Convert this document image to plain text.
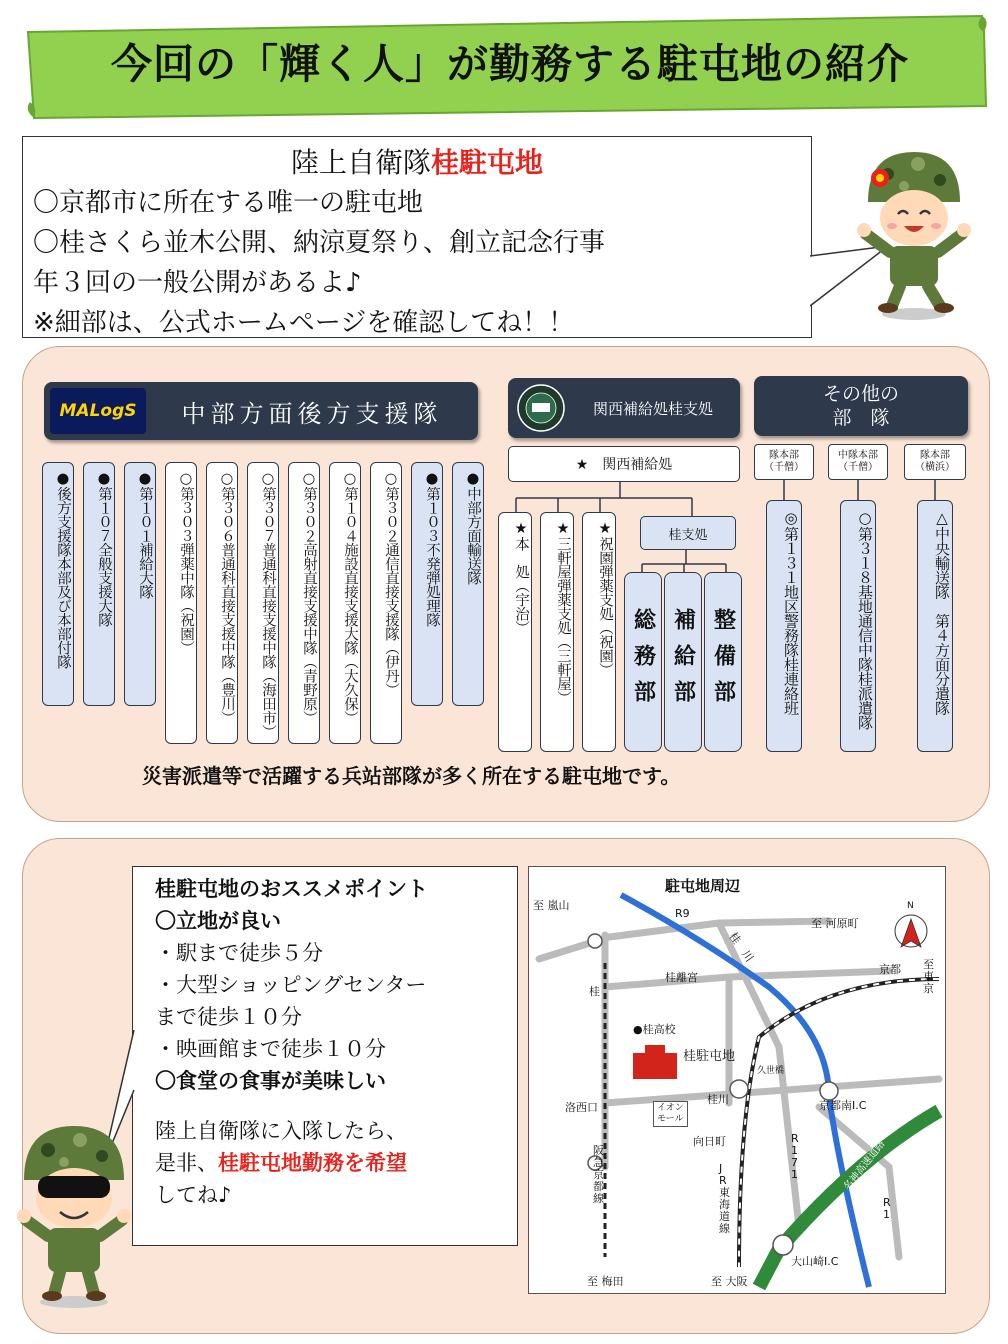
今回の「輝く人」が勤務する駐屯地の紹介
陸上自衛隊桂駐屯地
〇京都市に所在する唯一の駐屯地
〇桂さくら並木公開、納涼夏祭り、創立記念行事
年３回の一般公開があるよ♪
※細部は、公式ホームページを確認してね！！
MALogS	中部方面後方支援隊
●後方支援隊本部及び本部付隊	●第１０７全般支援大隊	●第１０１補給大隊	○第３０３弾薬中隊（祝園）	○第３０６普通科直接支援中隊（豊川）	○第３０７普通科直接支援中隊（海田市）	○第３０２高射直接支援中隊（青野原）	○第１０４施設直接支援大隊（大久保）	○第３０２通信直接支援隊（伊丹）	●第１０３不発弾処理隊	●中部方面輸送隊
関西補給処桂支処
★　関西補給処
★本　処（宇治）	★三軒屋弾薬支処（三軒屋）	★祝園弾薬支処（祝園）	桂支処
総務部 補給部 整備部
その他の
部　隊
隊本部
（千僧）
中隊本部
（千僧）
隊本部
（横浜）
◎第１３１地区警務隊桂連絡班	○第３１８基地通信中隊桂派遣隊	△中央輸送隊　第４方面分遣隊
災害派遣等で活躍する兵站部隊が多く所在する駐屯地です。
桂駐屯地のおススメポイント
〇立地が良い
・駅まで徒歩５分
・大型ショッピングセンター
まで徒歩１０分
・映画館まで徒歩１０分
〇食堂の食事が美味しい
陸上自衛隊に入隊したら、
是非、桂駐屯地勤務を希望
してね♪
駐屯地周辺
至 嵐山
至 河原町
R9
桂　川
桂離宮
桂
京都 至
東
京
●桂高校
桂駐屯地
久世橋
洛西口	イオン
モール
桂川	京都南I.C
向日町
阪
急
京
都
線
J
R
東
海
道
線
R
1
7
1	名神高速道路
R
1
大山崎I.C
至 梅田	至 大阪
N
